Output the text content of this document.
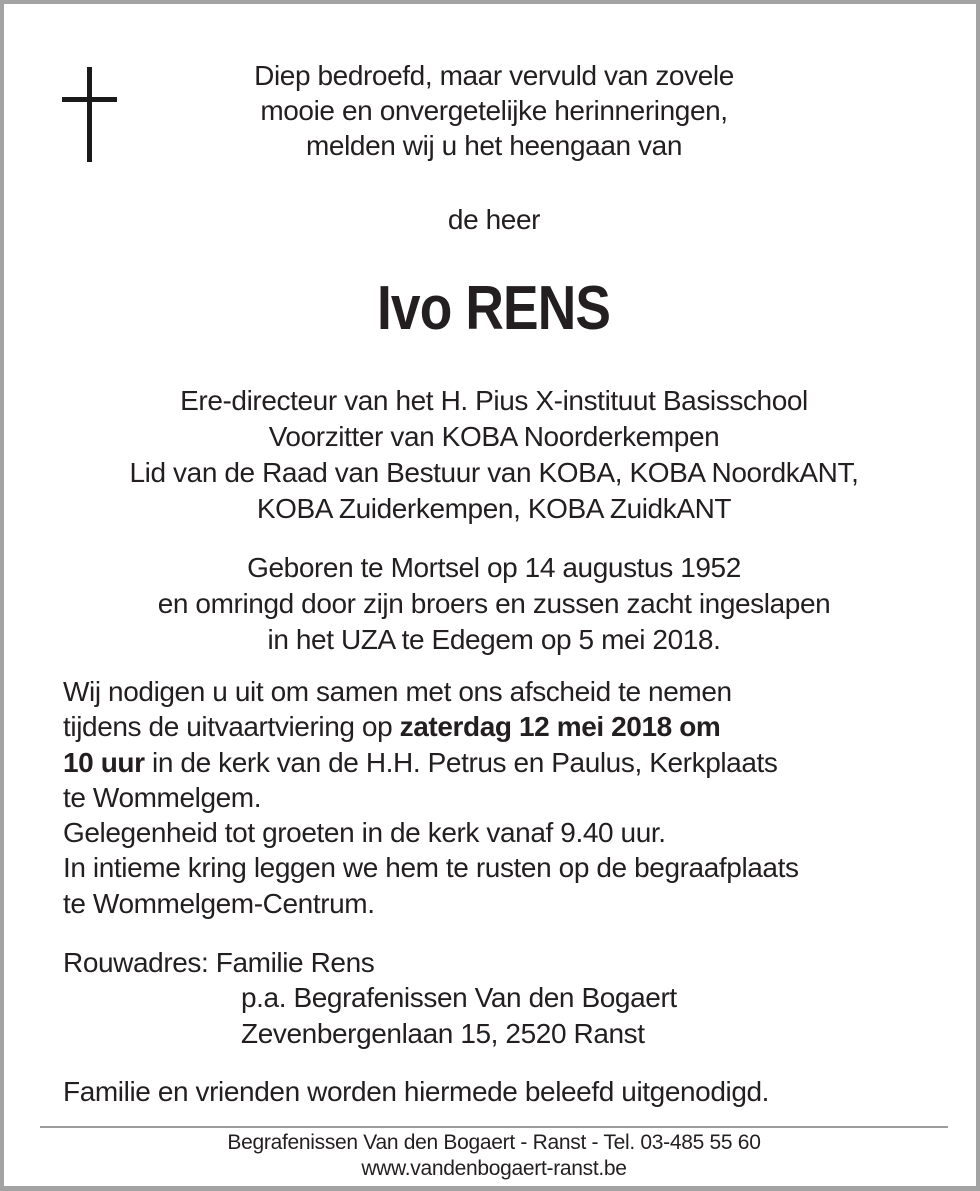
Diep bedroefd, maar vervuld van zovele
mooie en onvergetelijke herinneringen,
melden wij u het heengaan van
de heer
Ivo RENS
Ere-directeur van het H. Pius X-instituut Basisschool
Voorzitter van KOBA Noorderkempen
Lid van de Raad van Bestuur van KOBA, KOBA NoordkANT,
KOBA Zuiderkempen, KOBA ZuidkANT
Geboren te Mortsel op 14 augustus 1952
en omringd door zijn broers en zussen zacht ingeslapen
in het UZA te Edegem op 5 mei 2018.
Wij nodigen u uit om samen met ons afscheid te nemen
tijdens de uitvaartviering op zaterdag 12 mei 2018 om
10 uur in de kerk van de H.H. Petrus en Paulus, Kerkplaats
te Wommelgem.
Gelegenheid tot groeten in de kerk vanaf 9.40 uur.
In intieme kring leggen we hem te rusten op de begraafplaats
te Wommelgem-Centrum.
Rouwadres: Familie Rens
p.a. Begrafenissen Van den Bogaert
Zevenbergenlaan 15, 2520 Ranst
Familie en vrienden worden hiermede beleefd uitgenodigd.
Begrafenissen Van den Bogaert - Ranst - Tel. 03-485 55 60
www.vandenbogaert-ranst.be
